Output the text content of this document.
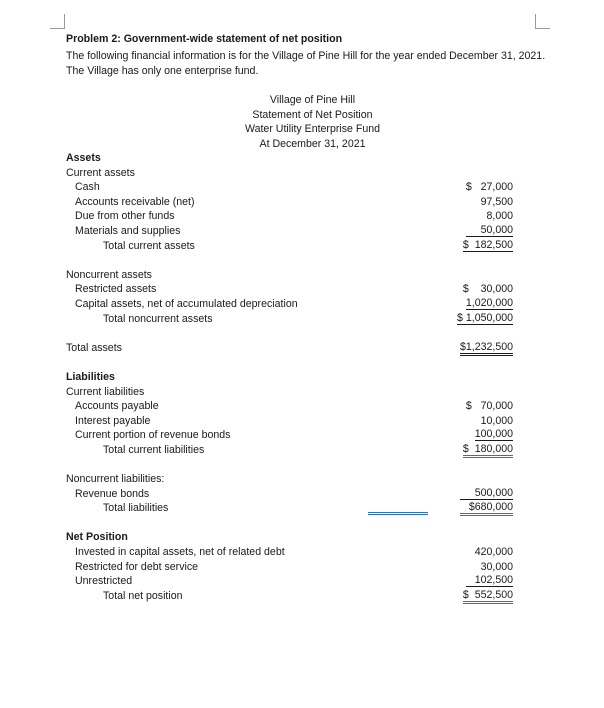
Problem 2: Government-wide statement of net position
The following financial information is for the Village of Pine Hill for the year ended December 31, 2021. The Village has only one enterprise fund.
Village of Pine Hill
Statement of Net Position
Water Utility Enterprise Fund
At December 31, 2021
Assets
Current assets
Cash	$   27,000
Accounts receivable (net)	97,500
Due from other funds	8,000
Materials and supplies	50,000
Total current assets	$  182,500
Noncurrent assets
Restricted assets	$    30,000
Capital assets, net of accumulated depreciation	1,020,000
Total noncurrent assets	$ 1,050,000
Total assets	$1,232,500
Liabilities
Current liabilities
Accounts payable	$   70,000
Interest payable	10,000
Current portion of revenue bonds	100,000
Total current liabilities	$  180,000
Noncurrent liabilities:
Revenue bonds	500,000
Total liabilities	$680,000
Net Position
Invested in capital assets, net of related debt	420,000
Restricted for debt service	30,000
Unrestricted	102,500
Total net position	$  552,500
